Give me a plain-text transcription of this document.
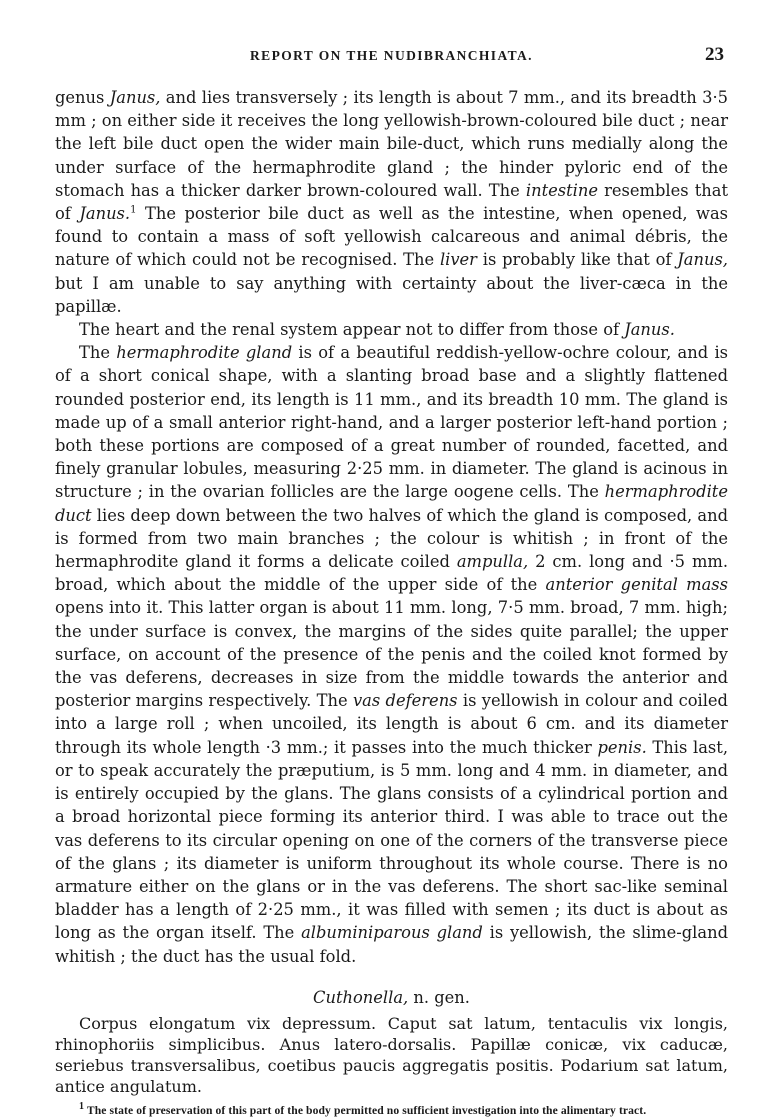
REPORT ON THE NUDIBRANCHIATA.	23

genus Janus, and lies transversely ; its length is about 7 mm., and its breadth 3·5 mm ; on either side it receives the long yellowish-brown-coloured bile duct ; near the left bile duct open the wider main bile-duct, which runs medially along the under surface of the hermaphrodite gland ; the hinder pyloric end of the stomach has a thicker darker brown-coloured wall. The intestine resembles that of Janus.$^1$ The posterior bile duct as well as the intestine, when opened, was found to contain a mass of soft yellowish calcareous and animal débris, the nature of which could not be recognised. The liver is probably like that of Janus, but I am unable to say anything with certainty about the liver-cæca in the papillæ.

The heart and the renal system appear not to differ from those of Janus.

The hermaphrodite gland is of a beautiful reddish-yellow-ochre colour, and is of a short conical shape, with a slanting broad base and a slightly flattened rounded posterior end, its length is 11 mm., and its breadth 10 mm. The gland is made up of a small anterior right-hand, and a larger posterior left-hand portion ; both these portions are composed of a great number of rounded, facetted, and finely granular lobules, measuring 2·25 mm. in diameter. The gland is acinous in structure ; in the ovarian follicles are the large oogene cells. The hermaphrodite duct lies deep down between the two halves of which the gland is composed, and is formed from two main branches ; the colour is whitish ; in front of the hermaphrodite gland it forms a delicate coiled ampulla, 2 cm. long and ·5 mm. broad, which about the middle of the upper side of the anterior genital mass opens into it. This latter organ is about 11 mm. long, 7·5 mm. broad, 7 mm. high; the under surface is convex, the margins of the sides quite parallel; the upper surface, on account of the presence of the penis and the coiled knot formed by the vas deferens, decreases in size from the middle towards the anterior and posterior margins respectively. The vas deferens is yellowish in colour and coiled into a large roll ; when uncoiled, its length is about 6 cm. and its diameter through its whole length ·3 mm.; it passes into the much thicker penis. This last, or to speak accurately the præputium, is 5 mm. long and 4 mm. in diameter, and is entirely occupied by the glans. The glans consists of a cylindrical portion and a broad horizontal piece forming its anterior third. I was able to trace out the vas deferens to its circular opening on one of the corners of the transverse piece of the glans ; its diameter is uniform throughout its whole course. There is no armature either on the glans or in the vas deferens. The short sac-like seminal bladder has a length of 2·25 mm., it was filled with semen ; its duct is about as long as the organ itself. The albuminiparous gland is yellowish, the slime-gland whitish ; the duct has the usual fold.

Cuthonella, n. gen.

Corpus elongatum vix depressum. Caput sat latum, tentaculis vix longis, rhinophoriis simplicibus. Anus latero-dorsalis. Papillæ conicæ, vix caducæ, seriebus transversalibus, coetibus paucis aggregatis positis. Podarium sat latum, antice angulatum.

$^1$ The state of preservation of this part of the body permitted no sufficient investigation into the alimentary tract.
